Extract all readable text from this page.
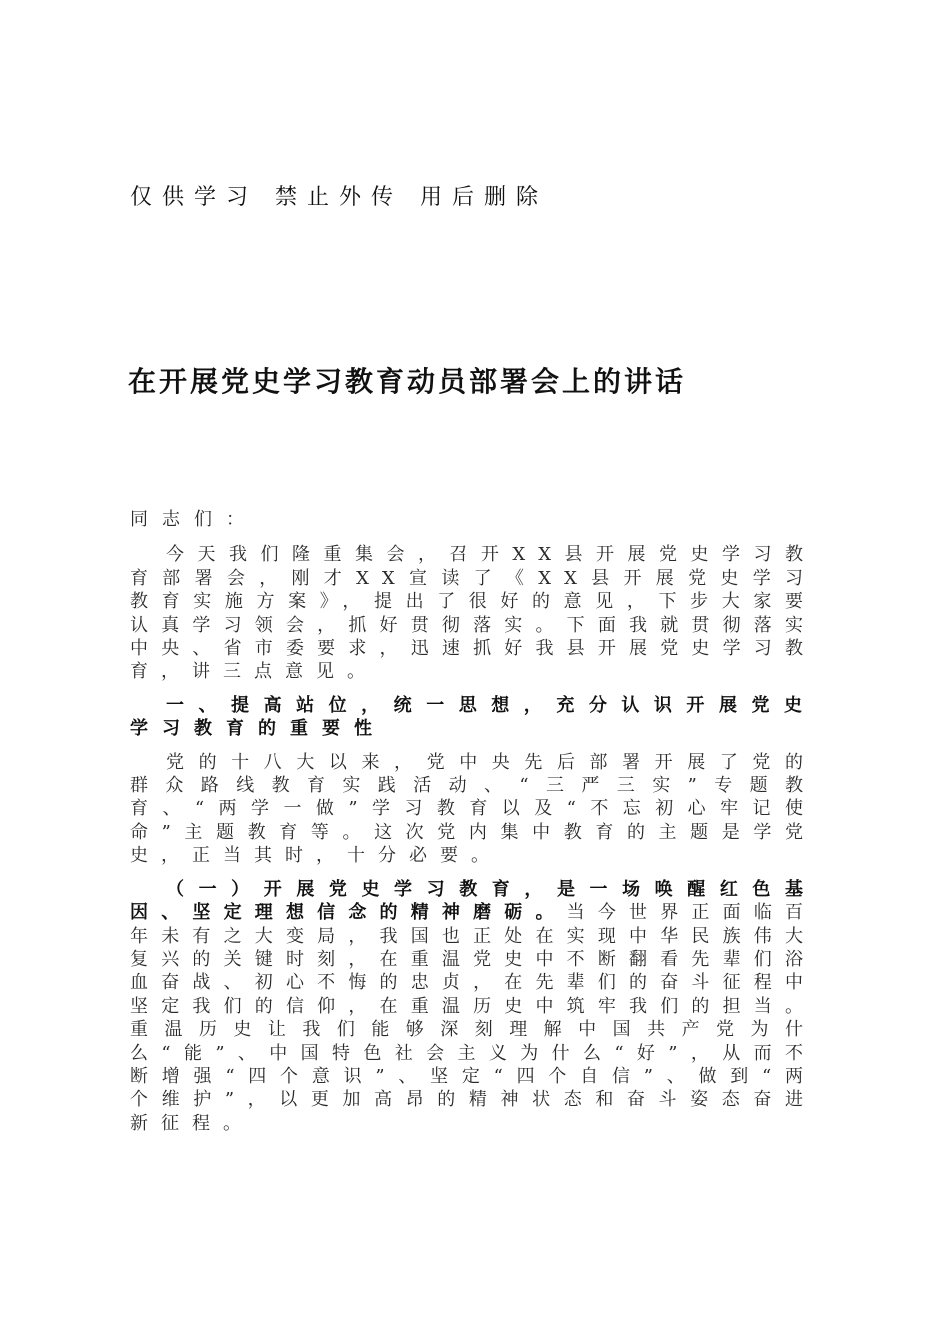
仅供学习 禁止外传 用后删除

在开展党史学习教育动员部署会上的讲话

同志们：

今天我们隆重集会，召开XX县开展党史学习教育部署会，刚才XX宣读了《XX县开展党史学习教育实施方案》，提出了很好的意见，下步大家要认真学习领会，抓好贯彻落实。下面我就贯彻落实中央、省市委要求，迅速抓好我县开展党史学习教育，讲三点意见。

一、提高站位，统一思想，充分认识开展党史学习教育的重要性

党的十八大以来，党中央先后部署开展了党的群众路线教育实践活动、“三严三实”专题教育、“两学一做”学习教育以及“不忘初心牢记使命”主题教育等。这次党内集中教育的主题是学党史，正当其时，十分必要。

（一）开展党史学习教育，是一场唤醒红色基因、坚定理想信念的精神磨砺。当今世界正面临百年未有之大变局，我国也正处在实现中华民族伟大复兴的关键时刻，在重温党史中不断翻看先辈们浴血奋战、初心不悔的忠贞，在先辈们的奋斗征程中坚定我们的信仰，在重温历史中筑牢我们的担当。重温历史让我们能够深刻理解中国共产党为什么“能”、中国特色社会主义为什么“好”，从而不断增强“四个意识”、坚定“四个自信”、做到“两个维护”，以更加高昂的精神状态和奋斗姿态奋进新征程。
